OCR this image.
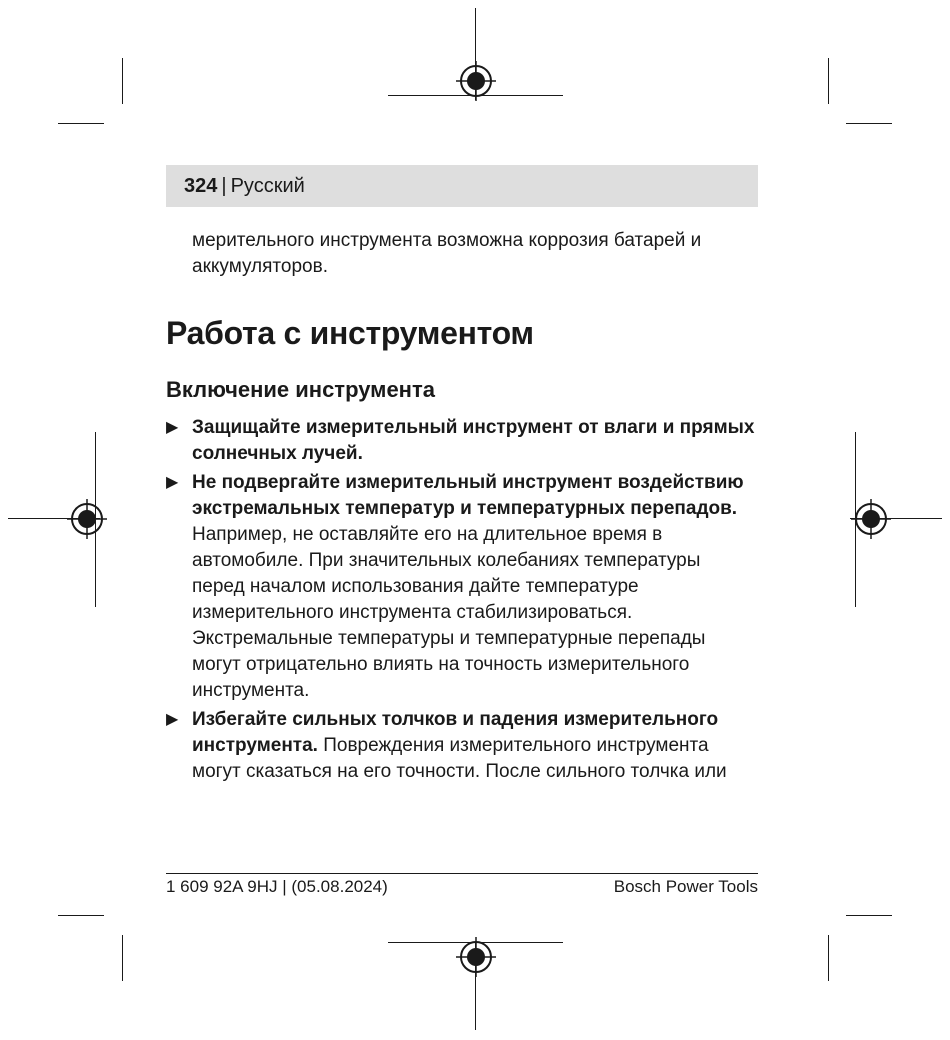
324 | Русский

мерительного инструмента возможна коррозия батарей и аккумуляторов.

Работа с инструментом
Включение инструмента
▶ Защищайте измерительный инструмент от влаги и прямых солнечных лучей.
▶ Не подвергайте измерительный инструмент воздействию экстремальных температур и температурных перепадов. Например, не оставляйте его на длительное время в автомобиле. При значительных колебаниях температуры перед началом использования дайте температуре измерительного инструмента стабилизироваться. Экстремальные температуры и температурные перепады могут отрицательно влиять на точность измерительного инструмента.
▶ Избегайте сильных толчков и падения измерительного инструмента. Повреждения измерительного инструмента могут сказаться на его точности. После сильного толчка или
1 609 92A 9HJ | (05.08.2024)	Bosch Power Tools
